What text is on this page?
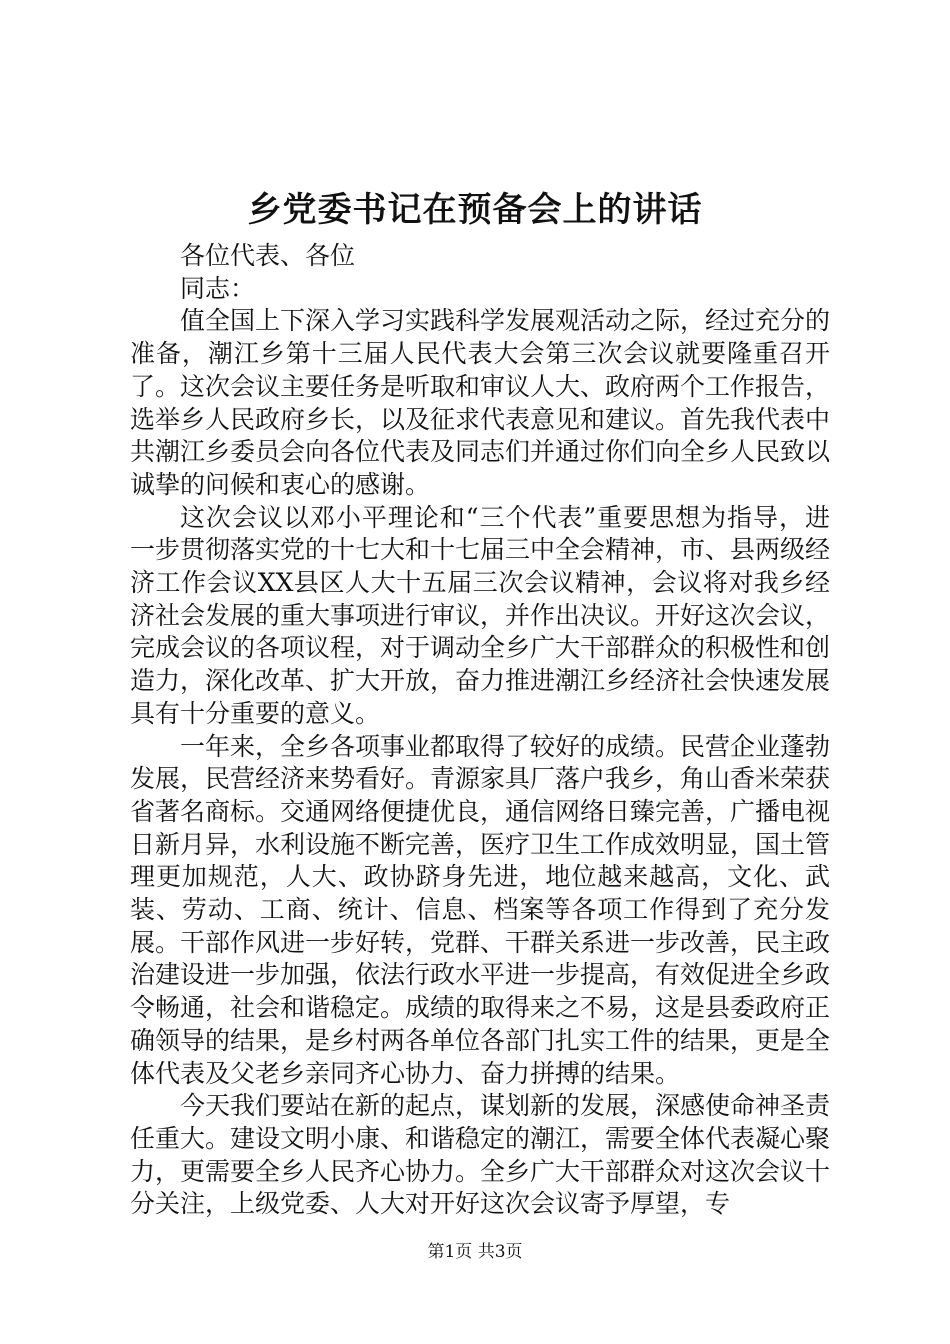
乡党委书记在预备会上的讲话

各位代表、各位

同志：

值全国上下深入学习实践科学发展观活动之际，经过充分的准备，潮江乡第十三届人民代表大会第三次会议就要隆重召开了。这次会议主要任务是听取和审议人大、政府两个工作报告，选举乡人民政府乡长，以及征求代表意见和建议。首先我代表中共潮江乡委员会向各位代表及同志们并通过你们向全乡人民致以诚挚的问候和衷心的感谢。

这次会议以邓小平理论和“三个代表”重要思想为指导，进一步贯彻落实党的十七大和十七届三中全会精神，市、县两级经济工作会议XX县区人大十五届三次会议精神，会议将对我乡经济社会发展的重大事项进行审议，并作出决议。开好这次会议，完成会议的各项议程，对于调动全乡广大干部群众的积极性和创造力，深化改革、扩大开放，奋力推进潮江乡经济社会快速发展具有十分重要的意义。

一年来，全乡各项事业都取得了较好的成绩。民营企业蓬勃发展，民营经济来势看好。青源家具厂落户我乡，角山香米荣获省著名商标。交通网络便捷优良，通信网络日臻完善，广播电视日新月异，水利设施不断完善，医疗卫生工作成效明显，国土管理更加规范，人大、政协跻身先进，地位越来越高，文化、武装、劳动、工商、统计、信息、档案等各项工作得到了充分发展。干部作风进一步好转，党群、干群关系进一步改善，民主政治建设进一步加强，依法行政水平进一步提高，有效促进全乡政令畅通，社会和谐稳定。成绩的取得来之不易，这是县委政府正确领导的结果，是乡村两各单位各部门扎实工件的结果，更是全体代表及父老乡亲同齐心协力、奋力拼搏的结果。

今天我们要站在新的起点，谋划新的发展，深感使命神圣责任重大。建设文明小康、和谐稳定的潮江，需要全体代表凝心聚力，更需要全乡人民齐心协力。全乡广大干部群众对这次会议十分关注，上级党委、人大对开好这次会议寄予厚望，专

第1页 共3页
